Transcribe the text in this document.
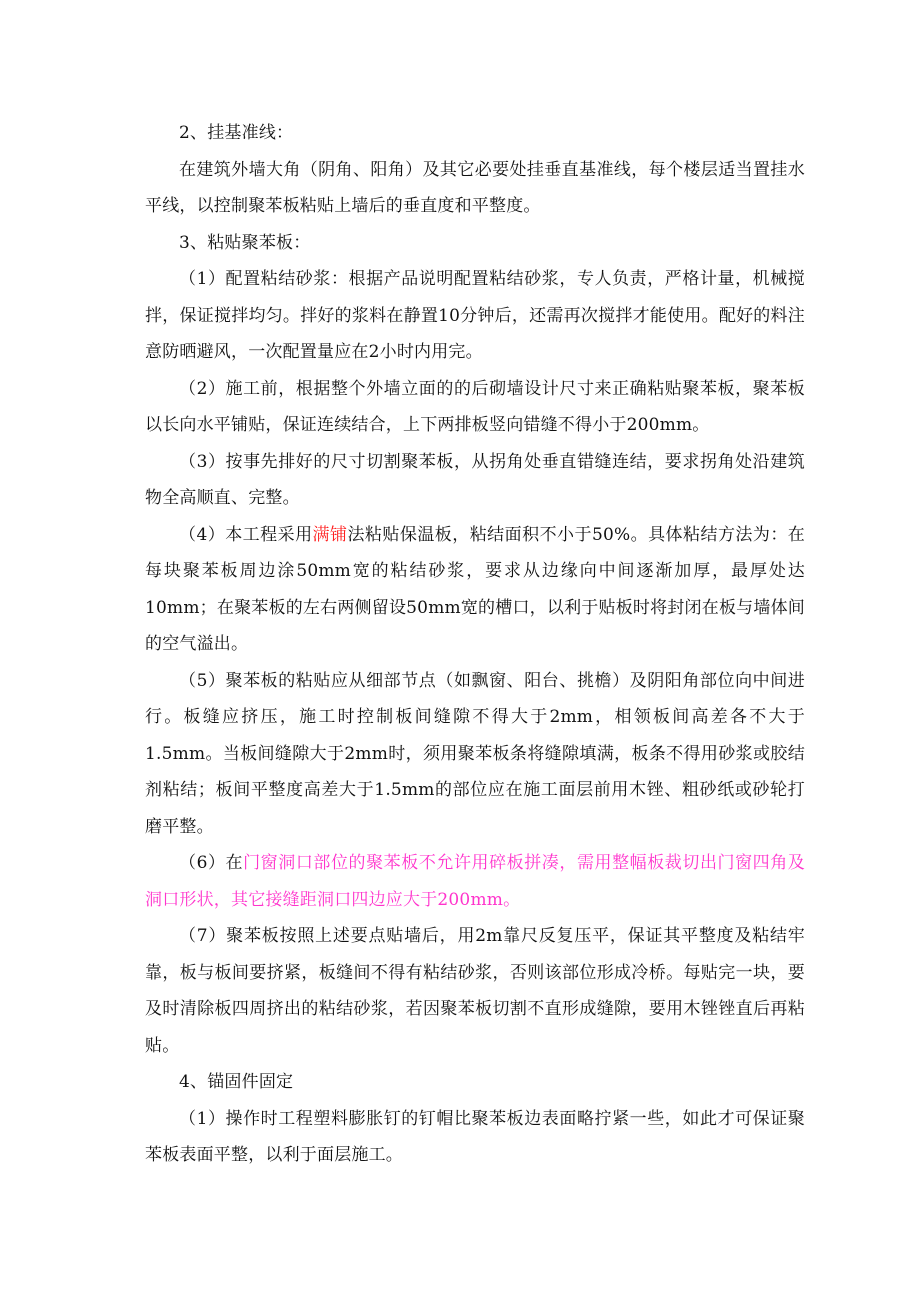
2、挂基准线：

在建筑外墙大角（阴角、阳角）及其它必要处挂垂直基准线，每个楼层适当置挂水平线，以控制聚苯板粘贴上墙后的垂直度和平整度。

3、粘贴聚苯板：

（1）配置粘结砂浆：根据产品说明配置粘结砂浆，专人负责，严格计量，机械搅拌，保证搅拌均匀。拌好的浆料在静置10分钟后，还需再次搅拌才能使用。配好的料注意防晒避风，一次配置量应在2小时内用完。

（2）施工前，根据整个外墙立面的的后砌墙设计尺寸来正确粘贴聚苯板，聚苯板以长向水平铺贴，保证连续结合，上下两排板竖向错缝不得小于200mm。

（3）按事先排好的尺寸切割聚苯板，从拐角处垂直错缝连结，要求拐角处沿建筑物全高顺直、完整。

（4）本工程采用满铺法粘贴保温板，粘结面积不小于50%。具体粘结方法为：在每块聚苯板周边涂50mm宽的粘结砂浆，要求从边缘向中间逐渐加厚，最厚处达10mm；在聚苯板的左右两侧留设50mm宽的槽口，以利于贴板时将封闭在板与墙体间的空气溢出。

（5）聚苯板的粘贴应从细部节点（如飘窗、阳台、挑檐）及阴阳角部位向中间进行。板缝应挤压，施工时控制板间缝隙不得大于2mm，相领板间高差各不大于1.5mm。当板间缝隙大于2mm时，须用聚苯板条将缝隙填满，板条不得用砂浆或胶结剂粘结；板间平整度高差大于1.5mm的部位应在施工面层前用木锉、粗砂纸或砂轮打磨平整。

（6）在门窗洞口部位的聚苯板不允许用碎板拼凑，需用整幅板裁切出门窗四角及洞口形状，其它接缝距洞口四边应大于200mm。

（7）聚苯板按照上述要点贴墙后，用2m靠尺反复压平，保证其平整度及粘结牢靠，板与板间要挤紧，板缝间不得有粘结砂浆，否则该部位形成冷桥。每贴完一块，要及时清除板四周挤出的粘结砂浆，若因聚苯板切割不直形成缝隙，要用木锉锉直后再粘贴。

4、锚固件固定

（1）操作时工程塑料膨胀钉的钉帽比聚苯板边表面略拧紧一些，如此才可保证聚苯板表面平整，以利于面层施工。
